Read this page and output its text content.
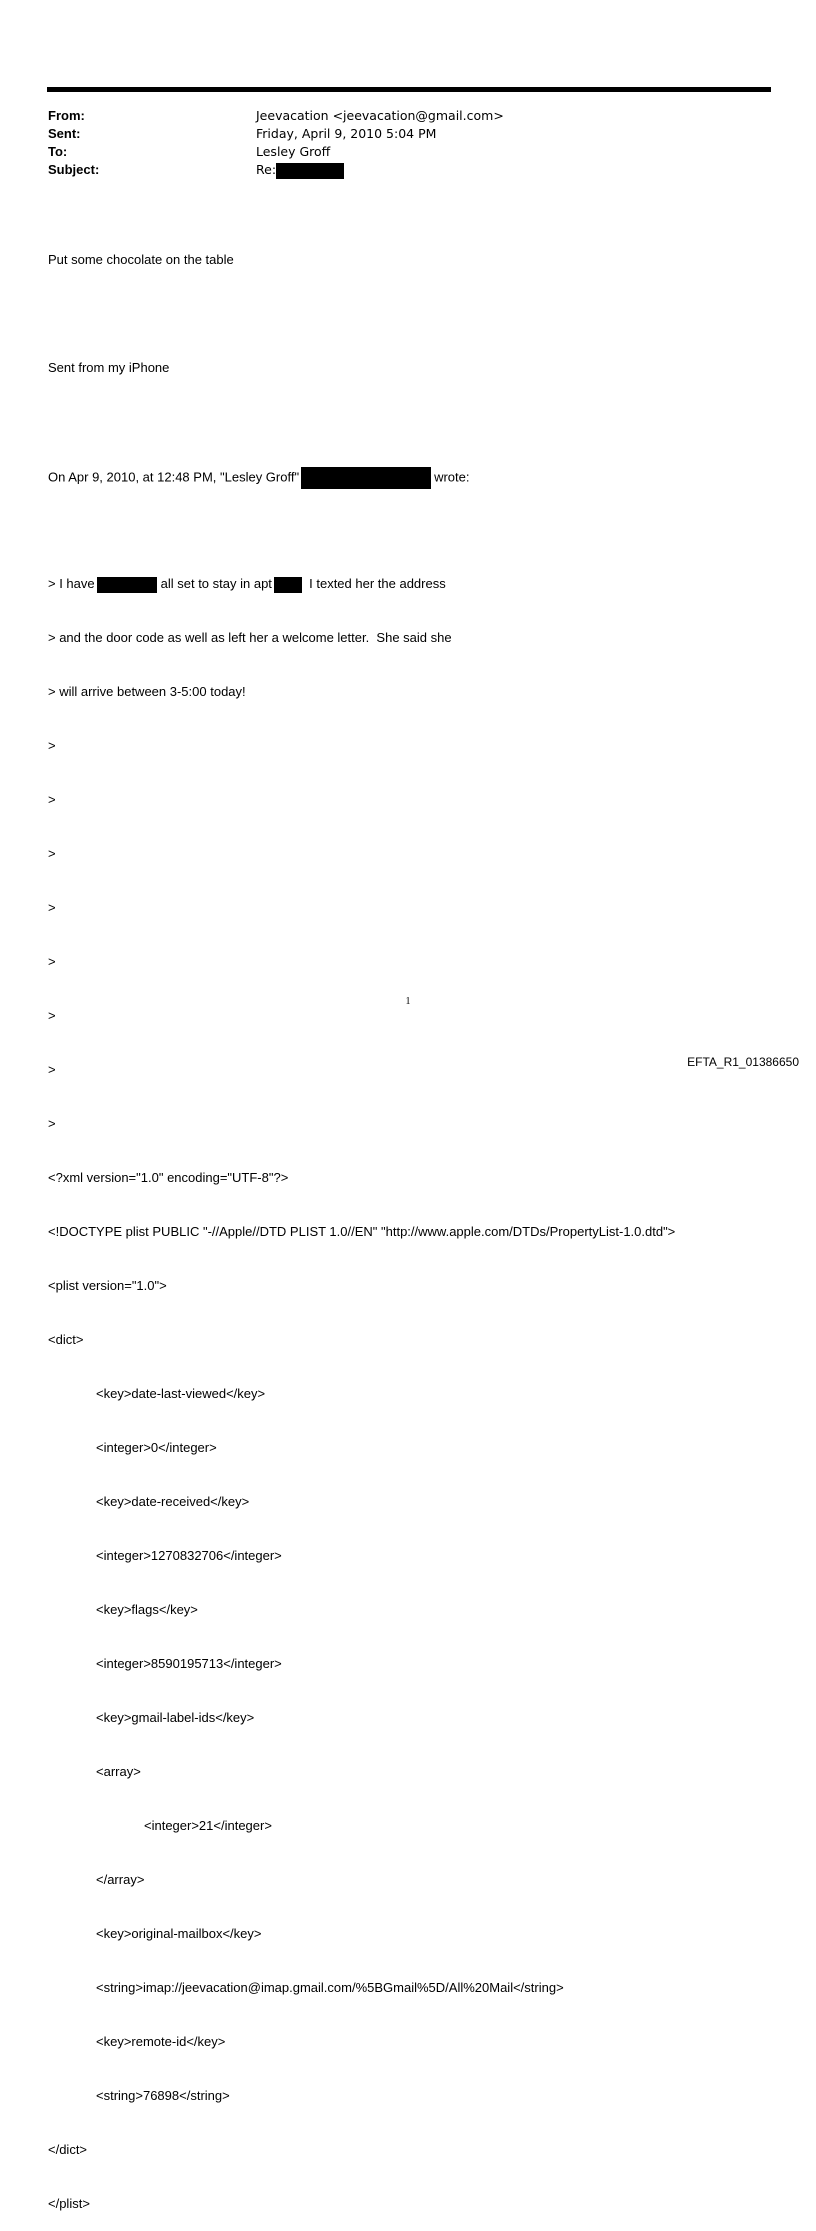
From:	Jeevacation <jeevacation@gmail.com>
Sent:	Friday, April 9, 2010 5:04 PM
To:	Lesley Groff
Subject:	Re:

Put some chocolate on the table

Sent from my iPhone

On Apr 9, 2010, at 12:48 PM, "Lesley Groff"	wrote:

> I have	all set to stay in apt  I texted her the address

> and the door code as well as left her a welcome letter.  She said she

> will arrive between 3-5:00 today!

>

>

>

>

>

>

>

>

<?xml version="1.0" encoding="UTF-8"?>

<!DOCTYPE plist PUBLIC "-//Apple//DTD PLIST 1.0//EN" "http://www.apple.com/DTDs/PropertyList-1.0.dtd">

<plist version="1.0">

<dict>

<key>date-last-viewed</key>

<integer>0</integer>

<key>date-received</key>

<integer>1270832706</integer>

<key>flags</key>

<integer>8590195713</integer>

<key>gmail-label-ids</key>

<array>

<integer>21</integer>

</array>

<key>original-mailbox</key>

<string>imap://jeevacation@imap.gmail.com/%5BGmail%5D/All%20Mail</string>

<key>remote-id</key>

<string>76898</string>

</dict>

</plist>

1
EFTA_R1_01386650
